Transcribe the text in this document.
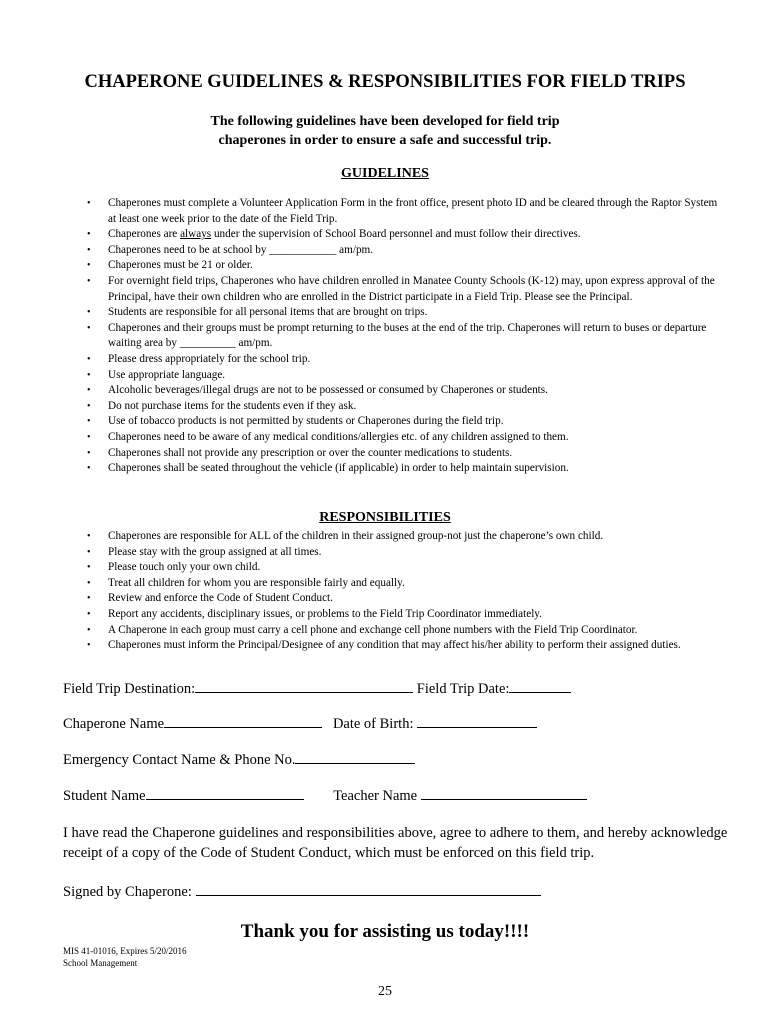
CHAPERONE GUIDELINES & RESPONSIBILITIES FOR FIELD TRIPS
The following guidelines have been developed for field trip
chaperones in order to ensure a safe and successful trip.
GUIDELINES
• Chaperones must complete a Volunteer Application Form in the front office, present photo ID and be cleared through the Raptor System at least one week prior to the date of the Field Trip.
• Chaperones are always under the supervision of School Board personnel and must follow their directives.
• Chaperones need to be at school by ____________ am/pm.
• Chaperones must be 21 or older.
• For overnight field trips, Chaperones who have children enrolled in Manatee County Schools (K-12) may, upon express approval of the Principal, have their own children who are enrolled in the District participate in a Field Trip. Please see the Principal.
• Students are responsible for all personal items that are brought on trips.
• Chaperones and their groups must be prompt returning to the buses at the end of the trip. Chaperones will return to buses or departure waiting area by __________ am/pm.
• Please dress appropriately for the school trip.
• Use appropriate language.
• Alcoholic beverages/illegal drugs are not to be possessed or consumed by Chaperones or students.
• Do not purchase items for the students even if they ask.
• Use of tobacco products is not permitted by students or Chaperones during the field trip.
• Chaperones need to be aware of any medical conditions/allergies etc. of any children assigned to them.
• Chaperones shall not provide any prescription or over the counter medications to students.
• Chaperones shall be seated throughout the vehicle (if applicable) in order to help maintain supervision.
RESPONSIBILITIES
• Chaperones are responsible for ALL of the children in their assigned group-not just the chaperone’s own child.
• Please stay with the group assigned at all times.
• Please touch only your own child.
• Treat all children for whom you are responsible fairly and equally.
• Review and enforce the Code of Student Conduct.
• Report any accidents, disciplinary issues, or problems to the Field Trip Coordinator immediately.
• A Chaperone in each group must carry a cell phone and exchange cell phone numbers with the Field Trip Coordinator.
• Chaperones must inform the Principal/Designee of any condition that may affect his/her ability to perform their assigned duties.
Field Trip Destination:	Field Trip Date:
Chaperone Name	Date of Birth:
Emergency Contact Name & Phone No.
Student Name	Teacher Name
I have read the Chaperone guidelines and responsibilities above, agree to adhere to them, and hereby acknowledge receipt of a copy of the Code of Student Conduct, which must be enforced on this field trip.
Signed by Chaperone:
Thank you for assisting us today!!!!
MIS 41-01016, Expires 5/20/2016
School Management
25
